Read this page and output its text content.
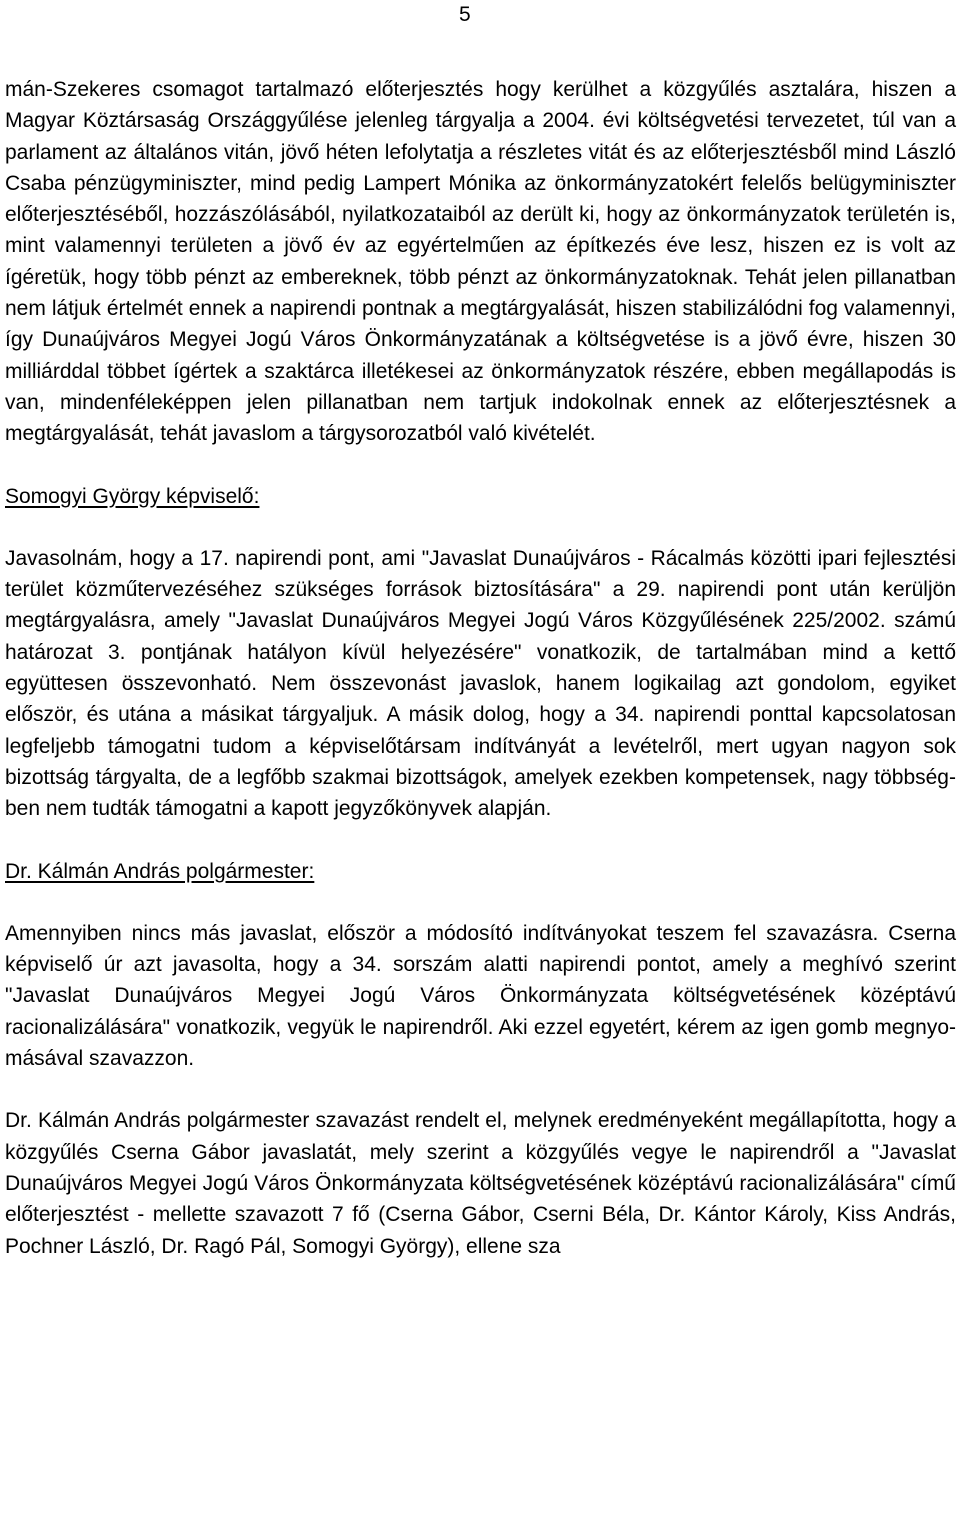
5

mán-Szekeres csomagot tartalmazó előterjesztés hogy kerülhet a közgyűlés asztalára, hiszen a Magyar Köztársaság Országgyűlése jelenleg tárgyalja a 2004. évi költségvetési tervezetet, túl van a parlament az általános vitán, jövő héten lefolytatja a részletes vitát és az előterjesztésből mind László Csaba pénzügyminiszter, mind pedig Lampert Mónika az önkormányzatokért felelős belügyminiszter előterjesztéséből, hozzászólásából, nyilatkozataiból az derült ki, hogy az önkormányzatok területén is, mint valamennyi területen a jövő év az egyértelműen az építkezés éve lesz, hiszen ez is volt az ígéretük, hogy több pénzt az embereknek, több pénzt az önkormányzatoknak. Tehát jelen pillanatban nem látjuk értelmét ennek a napirendi pontnak a megtárgyalását, hiszen stabilizálódni fog valamennyi, így Dunaújváros Megyei Jogú Város Önkormányzatának a költségvetése is a jövő évre, hiszen 30 milliárddal többet ígértek a szaktárca illetékesei az önkormányzatok részére, ebben megállapodás is van, mindenféleképpen jelen pillanatban nem tartjuk indokolnak ennek az előterjesztésnek a megtárgyalását, tehát javaslom a tárgysorozatból való kivételét.

Somogyi György képviselő:

Javasolnám, hogy a 17. napirendi pont, ami "Javaslat Dunaújváros - Rácalmás közötti ipari fejlesztési terület közműtervezéséhez szükséges források biztosítására" a 29. napirendi pont után kerüljön megtárgyalásra, amely "Javaslat Dunaújváros Megyei Jogú Város Közgyűlésének 225/2002. számú határozat 3. pontjának hatályon kívül helyezésére" vonatkozik, de tartalmában mind a kettő együttesen összevonható. Nem összevonást javaslok, hanem logikailag azt gondolom, egyiket először, és utána a másikat tárgyaljuk. A másik dolog, hogy a 34. napirendi ponttal kapcsolatosan legfeljebb támogatni tudom a képviselőtársam indítványát a levételről, mert ugyan nagyon sok bizottság tárgyalta, de a legfőbb szakmai bizottságok, amelyek ezekben kompetensek, nagy többségben nem tudták támogatni a kapott jegyzőkönyvek alapján.

Dr. Kálmán András polgármester:

Amennyiben nincs más javaslat, először a módosító indítványokat teszem fel szavazásra. Cserna képviselő úr azt javasolta, hogy a 34. sorszám alatti napirendi pontot, amely a meghívó szerint "Javaslat Dunaújváros Megyei Jogú Város Önkormányzata költségvetésének középtávú racionalizálására" vonatkozik, vegyük le napirendről. Aki ezzel egyetért, kérem az igen gomb megnyomásával szavazzon.

Dr. Kálmán András polgármester szavazást rendelt el, melynek eredményeként megállapította, hogy a közgyűlés Cserna Gábor javaslatát, mely szerint a közgyűlés vegye le napirendről a "Javaslat Dunaújváros Megyei Jogú Város Önkormányzata költségvetésének középtávú racionalizálására" című előterjesztést - mellette szavazott 7 fő (Cserna Gábor, Cserni Béla, Dr. Kántor Károly, Kiss András, Pochner László, Dr. Ragó Pál, Somogyi György), ellene sza
